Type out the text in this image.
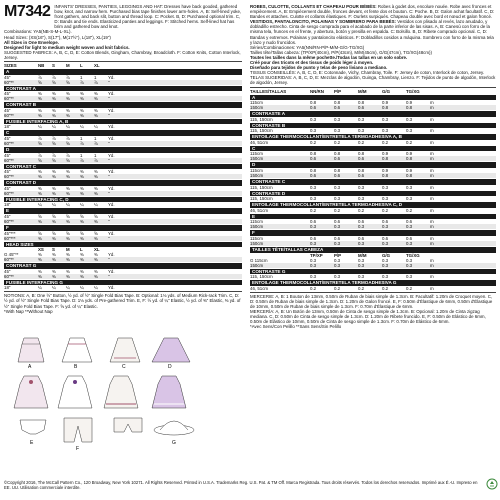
M7342 INFANTS' DRESSES, PANTIES, LEGGINGS AND HAT: Dresses have back gooded, gathered bow, knot, and narrow hem. Purchased bias tape finishes lower arm-holes. A, B: Self-lined yoke, front gathers, and back slit, button and thread loop. C: Pocket. B, D: Purchased optional trim. C, D: Bands and tie ends. Elasticized panties and leggings. F: Stitched hems. Self-lined hat has brim and gathered bow and knot.
Combinations: YA5(NB-S-M-L-XL).
Head Sizes: (XS(16"), S(17"), M(17½"), L(18"), XL(19")
All Sizes in One Envelope.
Designed for light to medium weight woven and knit fabrics.
SUGGESTED FABRICS: A, B, C, D, E: Cotton Blends, Gingham, Chambray, Broadcloth. F: Cotton Knits, Cotton Interlock, Jersey.
SIZES	NB	S	M	L	XL
A
45"	⅞	⅞	⅞	1	1	Yd.
60"**	⅝	⅝	⅝	⅞	⅞	"
CONTRAST A
45"	⅜	⅜	⅜	⅜	⅜	Yd.
60"**	⅜	⅜	⅜	⅜	⅜	"
CONTRAST B
45"	⅜	⅜	⅜	⅜	⅜	Yd.
60"**	⅜	⅜	⅜	⅜	⅜	"
FUSIBLE INTERFACING A, B
18"	¼	¼	¼	¼	¼	Yd.
C
45"	⅞	⅞	⅞	1	1	Yd.
60"**	⅝	⅝	⅝	⅞	⅞	"
D
45"	⅞	⅞	⅞	1	1	Yd.
60"**	⅝	⅝	⅝	⅞	⅞	"
CONTRAST C
45"	⅜	⅜	⅜	⅜	⅜	Yd.
60"**	⅜	⅜	⅜	⅜	⅜	"
CONTRAST D
45"	⅜	⅜	⅜	⅜	⅜	Yd.
60"**	⅜	⅜	⅜	⅜	⅜	"
FUSIBLE INTERFACING C, D
18"	¼	¼	¼	¼	¼	Yd.
E
45"	⅝	⅝	⅝	⅝	⅝	Yd.
60"**	⅜	⅜	⅜	⅜	⅜	"
F
45"***	⅝	⅝	⅝	⅝	⅝	Yd.
60"***	⅜	⅜	⅜	⅜	⅜	"
HEAD SIZES
XS	S	M	L	XL
G 45"**	⅜	⅜	⅜	⅜	⅜	Yd.
60"**	⅜	⅜	⅜	⅜	⅜	"
CONTRAST G
45"	⅜	⅜	⅜	⅜	⅜	Yd.
60"**	⅜	⅜	⅜	⅜	⅜	"
FUSIBLE INTERFACING G
18"	¼	¼	¼	¼	¼	Yd.
NOTIONS: A, B: One ½" Button, ½ yd. of ½" Single Fold Bias Tape. B: Optional: 1⅛ yds. of Medium Rick-rack Trim. C, D: ½ yd. of ½" Single Fold Bias Tape. D: 1⅛ yds. of Pre-gathered Trim. E, F: ½ yd. of ¼" Elastic, ½ yd. of ⅜" Elastic, ⅜ yd. of ½" Single Fold Bias Tape. F: ⅝ yd. of ¼" Elastic.
*With Nap **Without Nap
A	B	C	D
E
F
G
ROBES, CULOTTE, COLLANTS ET CHAPEAU POUR BÉBÉS: Robes à godet dos, encolure nouée. Robe avec fronces et empiècement. A, B: Empiècement double, fronces devant, et fente dos et bouton. C: Poche. B, D: Galon achat facultatif. C, D: Bandes et attaches. Culotte et collants élastiques. F: Ourlets surpiqués. Chapeau double avec bord et nœud et galon froncé.
VESTIDOS, PANTALONCITO, POLAINAS Y SOMBRERO PARA BEBÉS: Vestidos con plisado al revés, lazo anudado, y dobladillo estrecho. Cinta de sesgo comprada para el acabado de la parte inferior de las sisas. A, B: Canesú con forro de la misma tela, frunces en el frente, y abertura, botón y presilla en espalda. C: Bolsillo. B, D: Ribete comprado opcional. C, D: Bandas y extremos. Polainas y pantaloncito elásticos. F: Dobladillos cosidos a máquina. Sombrero con forro de la misma tela y lazo y nudo fruncidos.
Séries/Combinaciones: YA5(NN/RN-P/P-M/M-G/G-TG/XG)
Tailles tête/Tallas cabeza: (TP/XP(40cm), P/P(43cm), M/M(45cm), G/G(47cm), TG/XG(48cm))
Toutes les tailles dans la même pochette./Todas las tallas en un solo sobre.
Créé pour des tricots et des tissus de poids léger à moyen.
Diseñado para tejidos de punto y telas de peso liviano a mediano.
TISSUS CONSEILLÉS: A, B, C, D, E: Cotonnade, Vichy, Chambray, Toile. F: Jersey de coton, Interlock de coton, Jersey.
TELAS SUGERIDAS: A, B, C, D, E: Mezclas de algodón, Guinga, Chambray, Lienzo. F: Tejidos de punto de algodón, Interlock de algodón, Jersey.
TAILLES/TALLAS	NN/RN	P/P	M/M	G/G	TG/XG
A
115cm	0.8	0.8	0.8	0.9	0.9	m
150cm	0.6	0.6	0.6	0.8	0.8	m
CONTRASTE A
115, 150cm	0.3	0.3	0.3	0.3	0.3	m
CONTRASTE B
115, 150cm	0.3	0.3	0.3	0.3	0.3	m
ENTOILAGE THERMOCOLLANT/ENTRETELA TERMOADHESIVA A, B
46, 51cm	0.2	0.2	0.2	0.2	0.2	m
C
115cm	0.8	0.8	0.8	0.9	0.9	m
150cm	0.6	0.6	0.6	0.8	0.8	m
D
115cm	0.8	0.8	0.8	0.9	0.9	m
150cm	0.6	0.6	0.6	0.8	0.8	m
CONTRASTE C
115, 150cm	0.3	0.3	0.3	0.3	0.3	m
CONTRASTE D
115, 150cm	0.3	0.3	0.3	0.3	0.3	m
ENTOILAGE THERMOCOLLANT/ENTRETELA TERMOADHESIVA C, D
46, 51cm	0.2	0.2	0.2	0.2	0.2	m
E
115cm	0.6	0.6	0.6	0.6	0.6	m
150cm	0.3	0.3	0.3	0.3	0.3	m
F
115cm	0.6	0.6	0.6	0.6	0.6	m
150cm	0.3	0.3	0.3	0.3	0.3	m
TAILLES TÊTE/TALLAS CABEZA
TP/XP	P/P	M/M	G/G	TG/XG
G 115cm	0.3	0.3	0.3	0.3	0.3	m
150cm	0.3	0.3	0.3	0.3	0.3	m
CONTRASTE G
115, 150cm	0.3	0.3	0.3	0.3	0.3	m
ENTOILAGE THERMOCOLLANT/ENTRETELA TERMOADHESIVA G
46, 51cm	0.2	0.2	0.2	0.2	0.2	m
MERCERIE: A, B: 1 Bouton de 13mm, 0.50m de Ruban de biais simple de 1.3cm. B: Facultatif: 1.20m de Croquet moyen. C, D: 0.50m de Ruban de biais simple de 1.3cm. D: 1.20m de Galon froncé. E, F: 0.50m d'Élastique de 6mm, 0.50m d'Élastique de 10mm, 0.50m de Ruban de biais simple de 1.3cm. F: 0.70m d'Élastique de 6mm.
MERCERÍA: A, B: Un Botón de 13mm, 0.50m de Cinta de sesgo simple de 1.3cm. B: Opcional: 1.20m de Cinta zigzag mediana. C, D: 0.50m de Cinta de sesgo simple de 1.3cm. D: 1.20m de Ribete fruncido. E, F: 0.50m de Elástico de 6mm, 0.50m de Elástico de 10mm, 0.50m de Cinta de sesgo simple de 1.3cm. F: 0.70m de Elástico de 6mm.
*Avec Sens/Con Pelillo **Sans Sens/Sin Pelillo
©Copyright 2016, The McCall Pattern Co., 120 Broadway, New York 10271. All Rights Reserved. Printed in U.S.A. Trademarks Reg. U.S. Pat. & TM Off. Marca Registrada. Tous droits réservés. Todos los derechos reservados. Imprimé aux É.-U. Impreso en EE. UU. Utilisation commerciale interdite.
